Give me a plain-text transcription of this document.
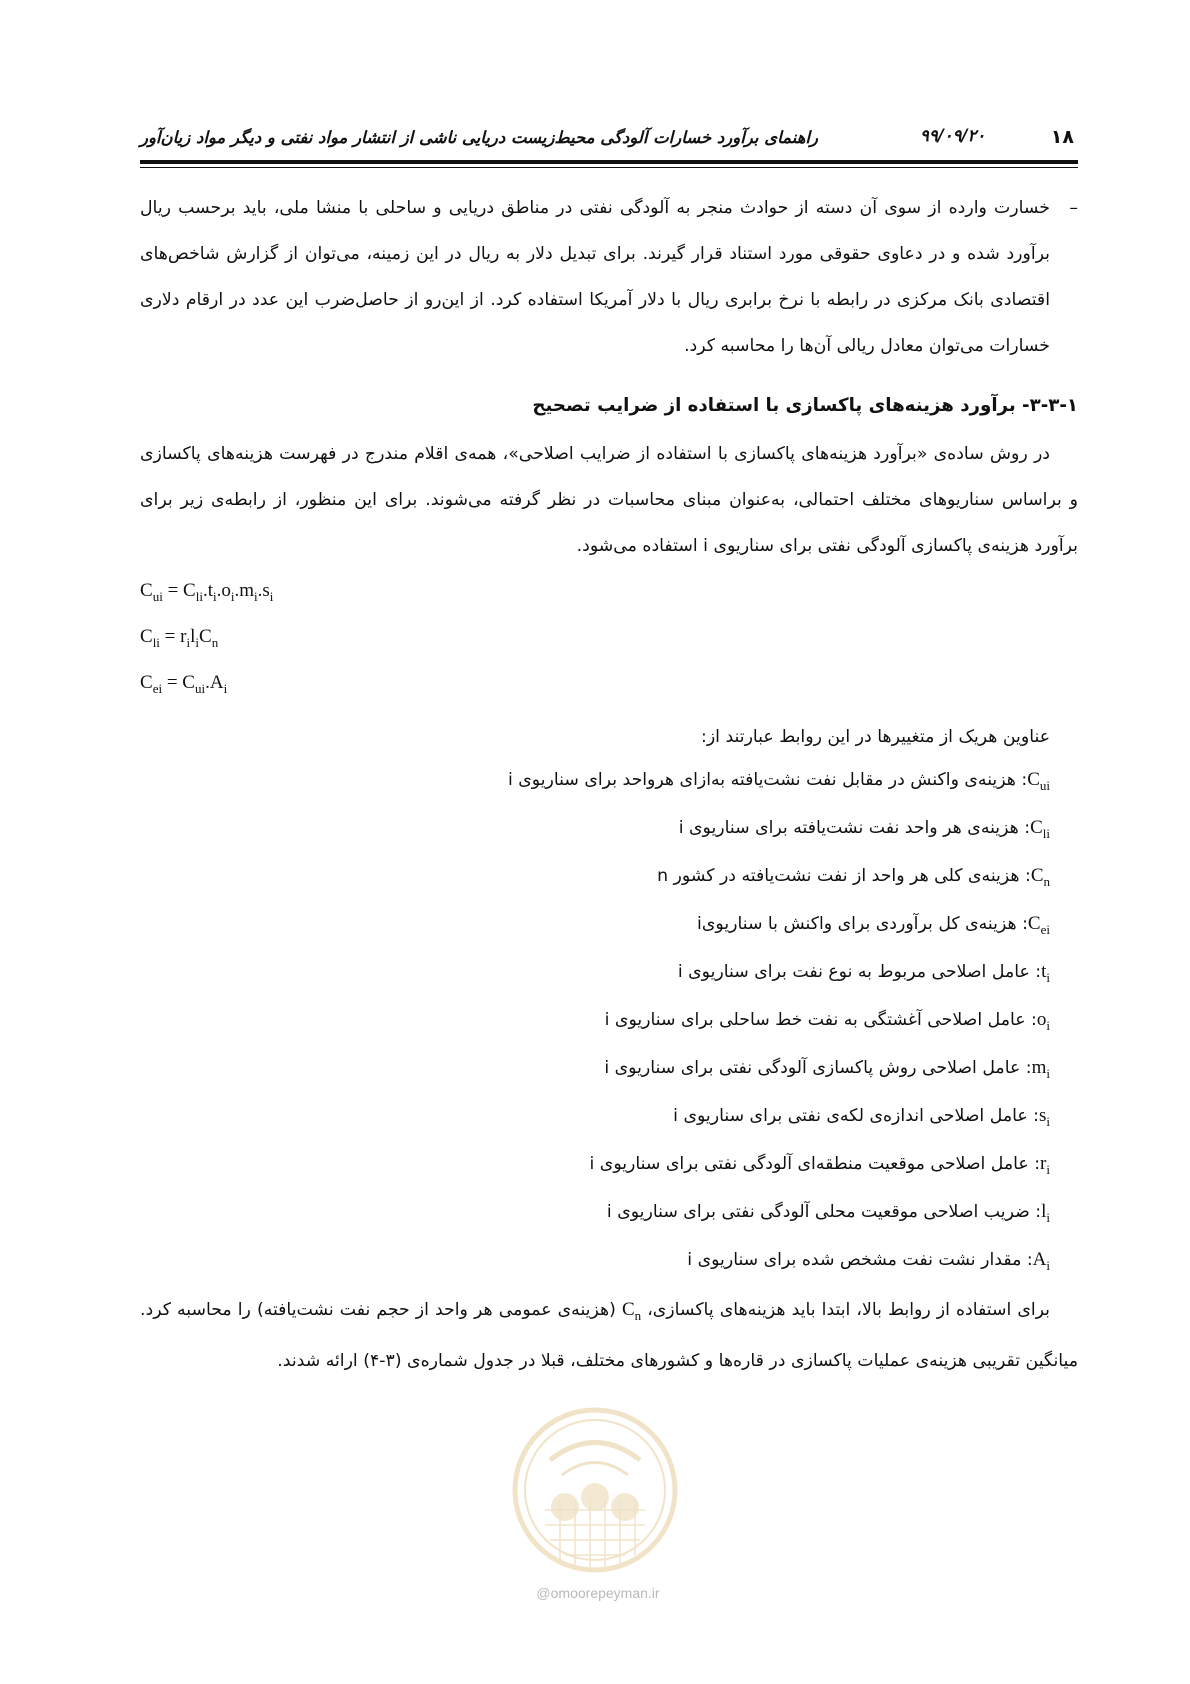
۱۸
۹۹/۰۹/۲۰
راهنمای برآورد خسارات آلودگی محیط‌زیست دریایی ناشی از انتشار مواد نفتی و دیگر مواد زیان‌آور

–
خسارت وارده از سوی آن دسته از حوادث منجر به آلودگی نفتی در مناطق دریایی و ساحلی با منشا ملی، باید برحسب ریال برآورد شده و در دعاوی حقوقی مورد استناد قرار گیرند. برای تبدیل دلار به ریال در این زمینه، می‌توان از گزارش شاخص‌های اقتصادی بانک مرکزی در رابطه با نرخ برابری ریال با دلار آمریکا استفاده کرد. از این‌رو از حاصل‌ضرب این عدد در ارقام دلاری خسارات می‌توان معادل ریالی آن‌ها را محاسبه کرد.

۳-۳-۱- برآورد هزینه‌های پاکسازی با استفاده از ضرایب تصحیح

در روش ساده‌ی «برآورد هزینه‌های پاکسازی با استفاده از ضرایب اصلاحی»، همه‌ی اقلام مندرج در فهرست هزینه‌های پاکسازی و براساس سناریوهای مختلف احتمالی، به‌عنوان مبنای محاسبات در نظر گرفته می‌شوند. برای این منظور، از رابطه‌ی زیر برای برآورد هزینه‌ی پاکسازی آلودگی نفتی برای سناریوی i استفاده می‌شود.

$C_{ui} = C_{li}.t_i.o_i.m_i.s_i$
$C_{li} = r_il_iC_n$
$C_{ei} = C_{ui}.A_i$

عناوین هریک از متغییرها در این روابط عبارتند از:

$C_{ui}$: هزینه‌ی واکنش در مقابل نفت نشت‌یافته به‌ازای هرواحد برای سناریوی i

$C_{li}$: هزینه‌ی هر واحد نفت نشت‌یافته برای سناریوی i

$C_n$: هزینه‌ی کلی هر واحد از نفت نشت‌یافته در کشور n

$C_{ei}$: هزینه‌ی کل برآوردی برای واکنش با سناریویi

$t_i$: عامل اصلاحی مربوط به نوع نفت برای سناریوی i

$o_i$: عامل اصلاحی آغشتگی به نفت خط ساحلی برای سناریوی i

$m_i$: عامل اصلاحی روش پاکسازی آلودگی نفتی برای سناریوی i

$s_i$: عامل اصلاحی اندازه‌ی لکه‌ی نفتی برای سناریوی i

$r_i$: عامل اصلاحی موقعیت منطقه‌ای آلودگی نفتی برای سناریوی i

$l_i$: ضریب اصلاحی موقعیت محلی آلودگی نفتی برای سناریوی i

$A_i$: مقدار نشت نفت مشخص شده برای سناریوی i

برای استفاده از روابط بالا، ابتدا باید هزینه‌های پاکسازی، $C_n$ (هزینه‌ی عمومی هر واحد از حجم نفت نشت‌یافته) را محاسبه کرد. میانگین تقریبی هزینه‌ی عملیات پاکسازی در قاره‌ها و کشورهای مختلف، قبلا در جدول شماره‌ی (۳-۴) ارائه شدند.

@omoorepeyman.ir
